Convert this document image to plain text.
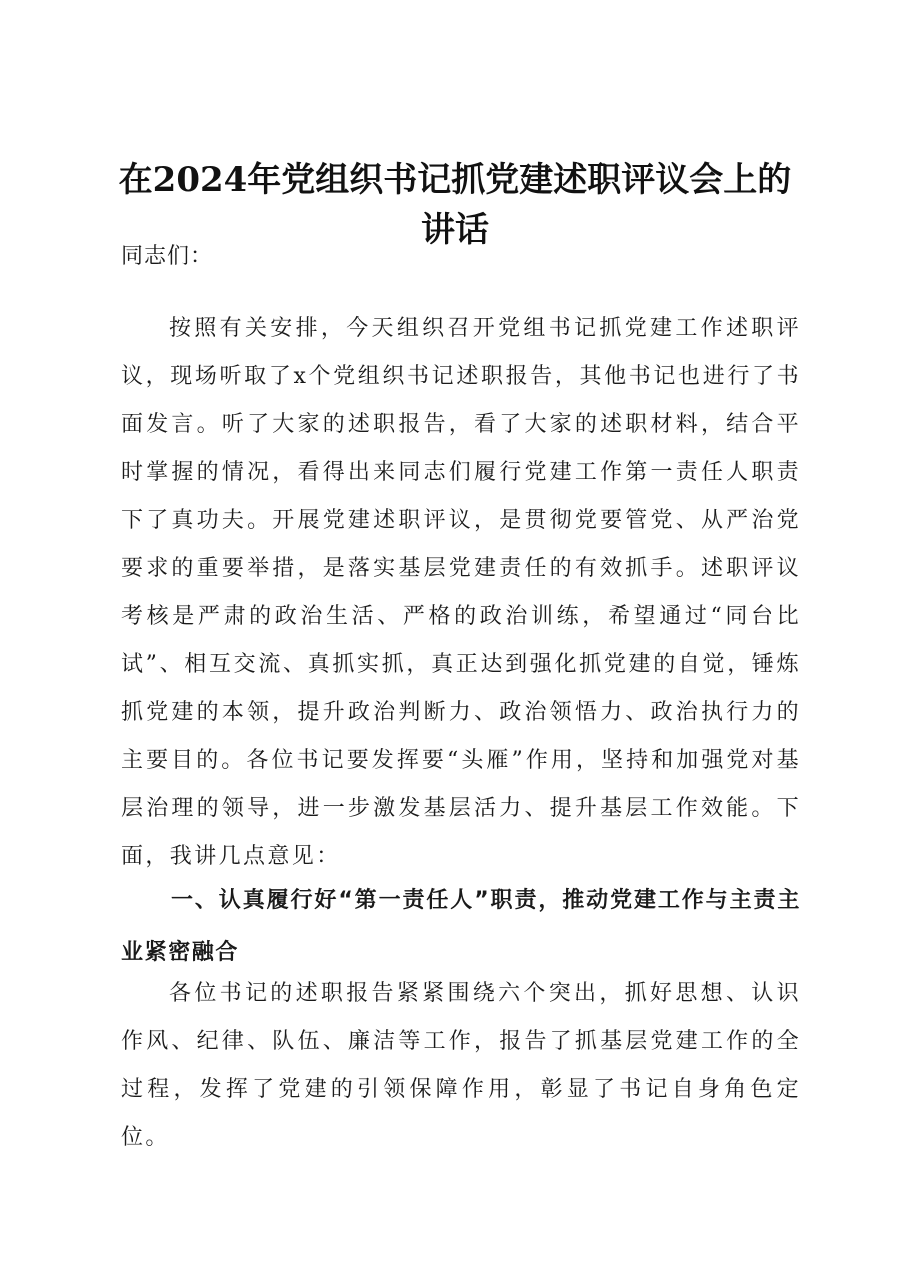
在2024年党组织书记抓党建述职评议会上的讲话
同志们：
按照有关安排，今天组织召开党组书记抓党建工作述职评议，现场听取了x个党组织书记述职报告，其他书记也进行了书面发言。听了大家的述职报告，看了大家的述职材料，结合平时掌握的情况，看得出来同志们履行党建工作第一责任人职责下了真功夫。开展党建述职评议，是贯彻党要管党、从严治党要求的重要举措，是落实基层党建责任的有效抓手。述职评议考核是严肃的政治生活、严格的政治训练，希望通过“同台比试”、相互交流、真抓实抓，真正达到强化抓党建的自觉，锤炼抓党建的本领，提升政治判断力、政治领悟力、政治执行力的主要目的。各位书记要发挥要“头雁”作用，坚持和加强党对基层治理的领导，进一步激发基层活力、提升基层工作效能。下面，我讲几点意见：
一、认真履行好“第一责任人”职责，推动党建工作与主责主业紧密融合
各位书记的述职报告紧紧围绕六个突出，抓好思想、认识作风、纪律、队伍、廉洁等工作，报告了抓基层党建工作的全过程，发挥了党建的引领保障作用，彰显了书记自身角色定位。
